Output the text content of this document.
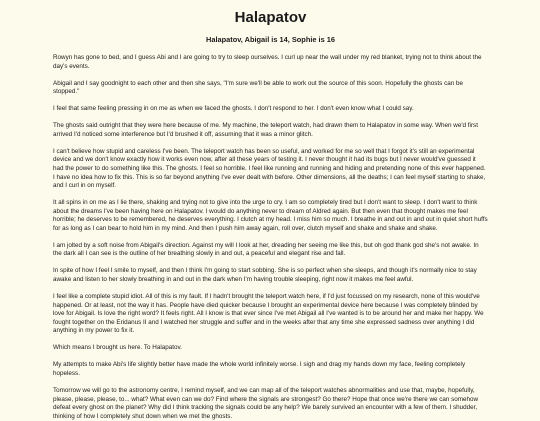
Halapatov
Halapatov, Abigail is 14, Sophie is 16

Rowyn has gone to bed, and I guess Abi and I are going to try to sleep ourselves. I curl up near the wall under my red blanket, trying not to think about the day's events.

Abigail and I say goodnight to each other and then she says, "I'm sure we'll be able to work out the source of this soon. Hopefully the ghosts can be stopped."

I feel that same feeling pressing in on me as when we faced the ghosts. I don't respond to her. I don't even know what I could say.

The ghosts said outright that they were here because of me. My machine, the teleport watch, had drawn them to Halapatov in some way. When we'd first arrived I'd noticed some interference but I'd brushed it off, assuming that it was a minor glitch.

I can't believe how stupid and careless I've been. The teleport watch has been so useful, and worked for me so well that I forgot it's still an experimental device and we don't know exactly how it works even now, after all these years of testing it. I never thought it had its bugs but I never would've guessed it had the power to do something like this. The ghosts. I feel so horrible. I feel like running and running and hiding and pretending none of this ever happened. I have no idea how to fix this. This is so far beyond anything I've ever dealt with before. Other dimensions, all the deaths; I can feel myself starting to shake, and I curl in on myself.

It all spins in on me as I lie there, shaking and trying not to give into the urge to cry. I am so completely tired but I don't want to sleep. I don't want to think about the dreams I've been having here on Halapatov. I would do anything never to dream of Aldred again. But then even that thought makes me feel horrible; he deserves to be remembered, he deserves everything. I clutch at my head. I miss him so much. I breathe in and out in and out in quiet short huffs for as long as I can bear to hold him in my mind. And then I push him away again, roll over, clutch myself and shake and shake and shake.

I am jolted by a soft noise from Abigail's direction. Against my will I look at her, dreading her seeing me like this, but oh god thank god she's not awake. In the dark all I can see is the outline of her breathing slowly in and out, a peaceful and elegant rise and fall.

In spite of how I feel I smile to myself, and then I think I'm going to start sobbing. She is so perfect when she sleeps, and though it's normally nice to stay awake and listen to her slowly breathing in and out in the dark when I'm having trouble sleeping, right now it makes me feel awful.

I feel like a complete stupid idiot. All of this is my fault. If I hadn't brought the teleport watch here, if I'd just focussed on my research, none of this would've happened. Or at least, not the way it has. People have died quicker because I brought an experimental device here because I was completely blinded by love for Abigail. Is love the right word? It feels right. All I know is that ever since I've met Abigail all I've wanted is to be around her and make her happy. We fought together on the Eridanus II and I watched her struggle and suffer and in the weeks after that any time she expressed sadness over anything I did anything in my power to fix it.

Which means I brought us here. To Halapatov.

My attempts to make Abi's life slightly better have made the whole world infinitely worse. I sigh and drag my hands down my face, feeling completely hopeless.

Tomorrow we will go to the astronomy centre, I remind myself, and we can map all of the teleport watches abnormalities and use that, maybe, hopefully, please, please, please, to... what? What even can we do? Find where the signals are strongest? Go there? Hope that once we're there we can somehow defeat every ghost on the planet? Why did I think tracking the signals could be any help? We barely survived an encounter with a few of them. I shudder, thinking of how I completely shut down when we met the ghosts.
